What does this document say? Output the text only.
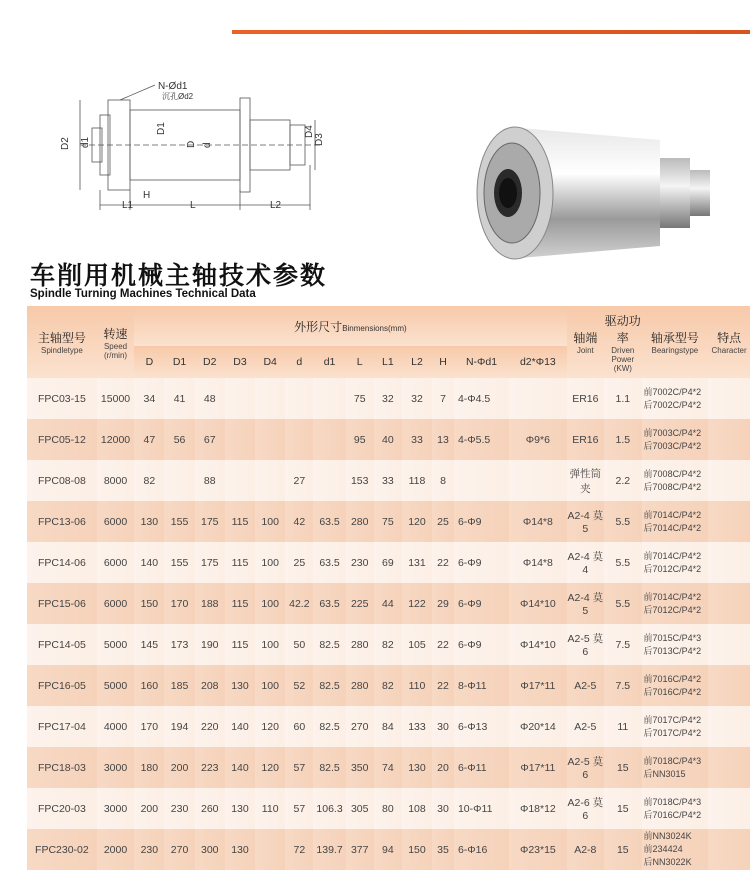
N-Ød1
沉孔Ød2
D2 d1
D1
D d
D4
D3
H
L1	L	L2
车削用机械主轴技术参数
Spindle Turning Machines Technical Data
主轴型号
Spindletype	转速
Speed (r/min)	外形尺寸Binmensions(mm)													轴端
Joint	驱动功率
Driven Power (KW)	轴承型号
Bearingstype	特点
Character

		D	D1	D2	D3	D4	d	d1	L	L1	L2	H	N-Φd1	d2*Φ13				
FPC03-15	15000	34	41	48					75	32	32	7	4-Φ4.5		ER16	1.1	前7002C/P4*2
后7002C/P4*2	

FPC05-12	12000	47	56	67					95	40	33	13	4-Φ5.5	Φ9*6	ER16	1.5	前7003C/P4*2
后7003C/P4*2	

FPC08-08	8000	82		88			27		153	33	118	8			弹性筒夹	2.2	前7008C/P4*2
后7008C/P4*2	

FPC13-06	6000	130	155	175	115	100	42	63.5	280	75	120	25	6-Φ9	Φ14*8	A2-4 莫5	5.5	前7014C/P4*2
后7014C/P4*2	

FPC14-06	6000	140	155	175	115	100	25	63.5	230	69	131	22	6-Φ9	Φ14*8	A2-4 莫4	5.5	前7014C/P4*2
后7012C/P4*2	

FPC15-06	6000	150	170	188	115	100	42.2	63.5	225	44	122	29	6-Φ9	Φ14*10	A2-4 莫5	5.5	前7014C/P4*2
后7012C/P4*2	

FPC14-05	5000	145	173	190	115	100	50	82.5	280	82	105	22	6-Φ9	Φ14*10	A2-5 莫6	7.5	前7015C/P4*3
后7013C/P4*2	

FPC16-05	5000	160	185	208	130	100	52	82.5	280	82	110	22	8-Φ11	Φ17*11	A2-5	7.5	前7016C/P4*2
后7016C/P4*2	

FPC17-04	4000	170	194	220	140	120	60	82.5	270	84	133	30	6-Φ13	Φ20*14	A2-5	11	前7017C/P4*2
后7017C/P4*2	

FPC18-03	3000	180	200	223	140	120	57	82.5	350	74	130	20	6-Φ11	Φ17*11	A2-5 莫6	15	前7018C/P4*3
后NN3015	

FPC20-03	3000	200	230	260	130	110	57	106.3	305	80	108	30	10-Φ11	Φ18*12	A2-6 莫6	15	前7018C/P4*3
后7016C/P4*2	

FPC230-02	2000	230	270	300	130		72	139.7	377	94	150	35	6-Φ16	Φ23*15	A2-8	15	前NN3024K
前234424
后NN3022K	
